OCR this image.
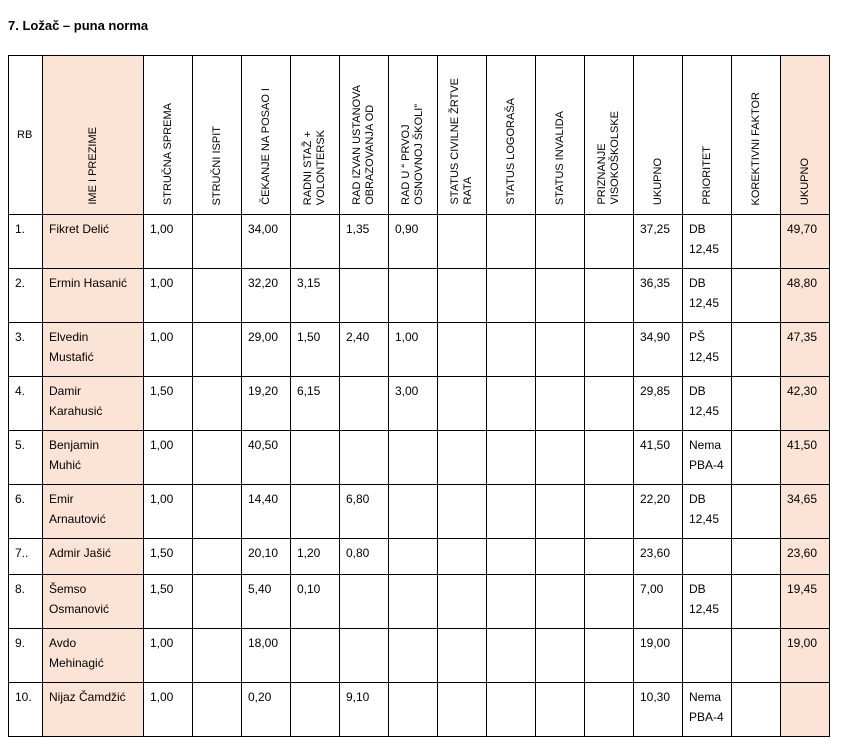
7. Ložač – puna norma
RB	IME I PREZIME	STRUČNA SPREMA	STRUČNI ISPIT	ČEKANJE NA POSAO I	RADNI STAŽ +
VOLONTERSK	RAD IZVAN USTANOVA
OBRAZOVANJA OD	RAD U “ PRVOJ
OSNOVNOJ ŠKOLI”	STATUS CIVILNE ŽRTVE
RATA	STATUS LOGORAŠA	STATUS INVALIDA	PRIZNANJE
VISOKOŠKOLSKE	UKUPNO	PRIORITET	KOREKTIVNI FAKTOR	UKUPNO
1.	Fikret Delić	1,00		34,00		1,35	0,90					37,25	DB
12,45		49,70
2.	Ermin Hasanić	1,00		32,20	3,15							36,35	DB
12,45		48,80
3.	Elvedin
Mustafić	1,00		29,00	1,50	2,40	1,00					34,90	PŠ
12,45		47,35
4.	Damir
Karahusić	1,50		19,20	6,15		3,00					29,85	DB
12,45		42,30
5.	Benjamin
Muhić	1,00		40,50								41,50	Nema
PBA-4		41,50
6.	Emir
Arnautović	1,00		14,40		6,80						22,20	DB
12,45		34,65
7..	Admir Jašić	1,50		20,10	1,20	0,80						23,60			23,60
8.	Šemso
Osmanović	1,50		5,40	0,10							7,00	DB
12,45		19,45
9.	Avdo
Mehinagić	1,00		18,00								19,00			19,00
10.	Nijaz Čamdžić	1,00		0,20		9,10						10,30	Nema
PBA-4		
